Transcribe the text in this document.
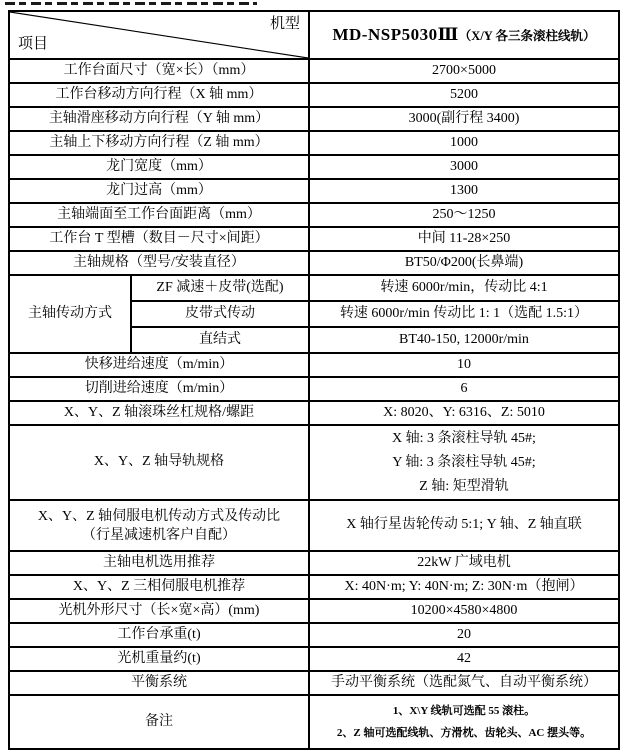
机型
项目		MD-NSP5030Ⅲ（X/Y 各三条滚柱线轨）
工作台面尺寸（宽×长）（mm）		2700×5000
工作台移动方向行程（X 轴 mm）		5200
主轴滑座移动方向行程（Y 轴 mm）		3000(副行程 3400)
主轴上下移动方向行程（Z 轴 mm）		1000
龙门宽度（mm）		3000
龙门过高（mm）		1300
主轴端面至工作台面距离（mm）		250～1250
工作台 T 型槽（数目－尺寸×间距）		中间 11-28×250
主轴规格（型号/安装直径）		BT50/Φ200(长鼻端)
主轴传动方式	ZF 减速＋皮带(选配)	转速 6000r/min，传动比 4:1
	皮带式传动	转速 6000r/min 传动比 1: 1（选配 1.5:1）
	直结式	BT40-150, 12000r/min
快移进给速度（m/min）		10
切削进给速度（m/min）		6
X、Y、Z 轴滚珠丝杠规格/螺距		X: 8020、Y: 6316、Z: 5010
X、Y、Z 轴导轨规格		X 轴: 3 条滚柱导轨 45#;
Y 轴: 3 条滚柱导轨 45#;
Z 轴: 矩型滑轨

X、Y、Z 轴伺服电机传动方式及传动比
（行星减速机客户自配）		X 轴行星齿轮传动 5:1; Y 轴、Z 轴直联
主轴电机选用推荐		22kW 广域电机
X、Y、Z 三相伺服电机推荐		X: 40N·m; Y: 40N·m; Z: 30N·m（抱闸）
光机外形尺寸（长×宽×高）(mm)		10200×4580×4800
工作台承重(t)		20
光机重量约(t)		42
平衡系统		手动平衡系统（选配氮气、自动平衡系统）
备注		1、X\Y 线轨可选配 55 滚柱。
2、Z 轴可选配线轨、方滑枕、齿轮头、AC 摆头等。
